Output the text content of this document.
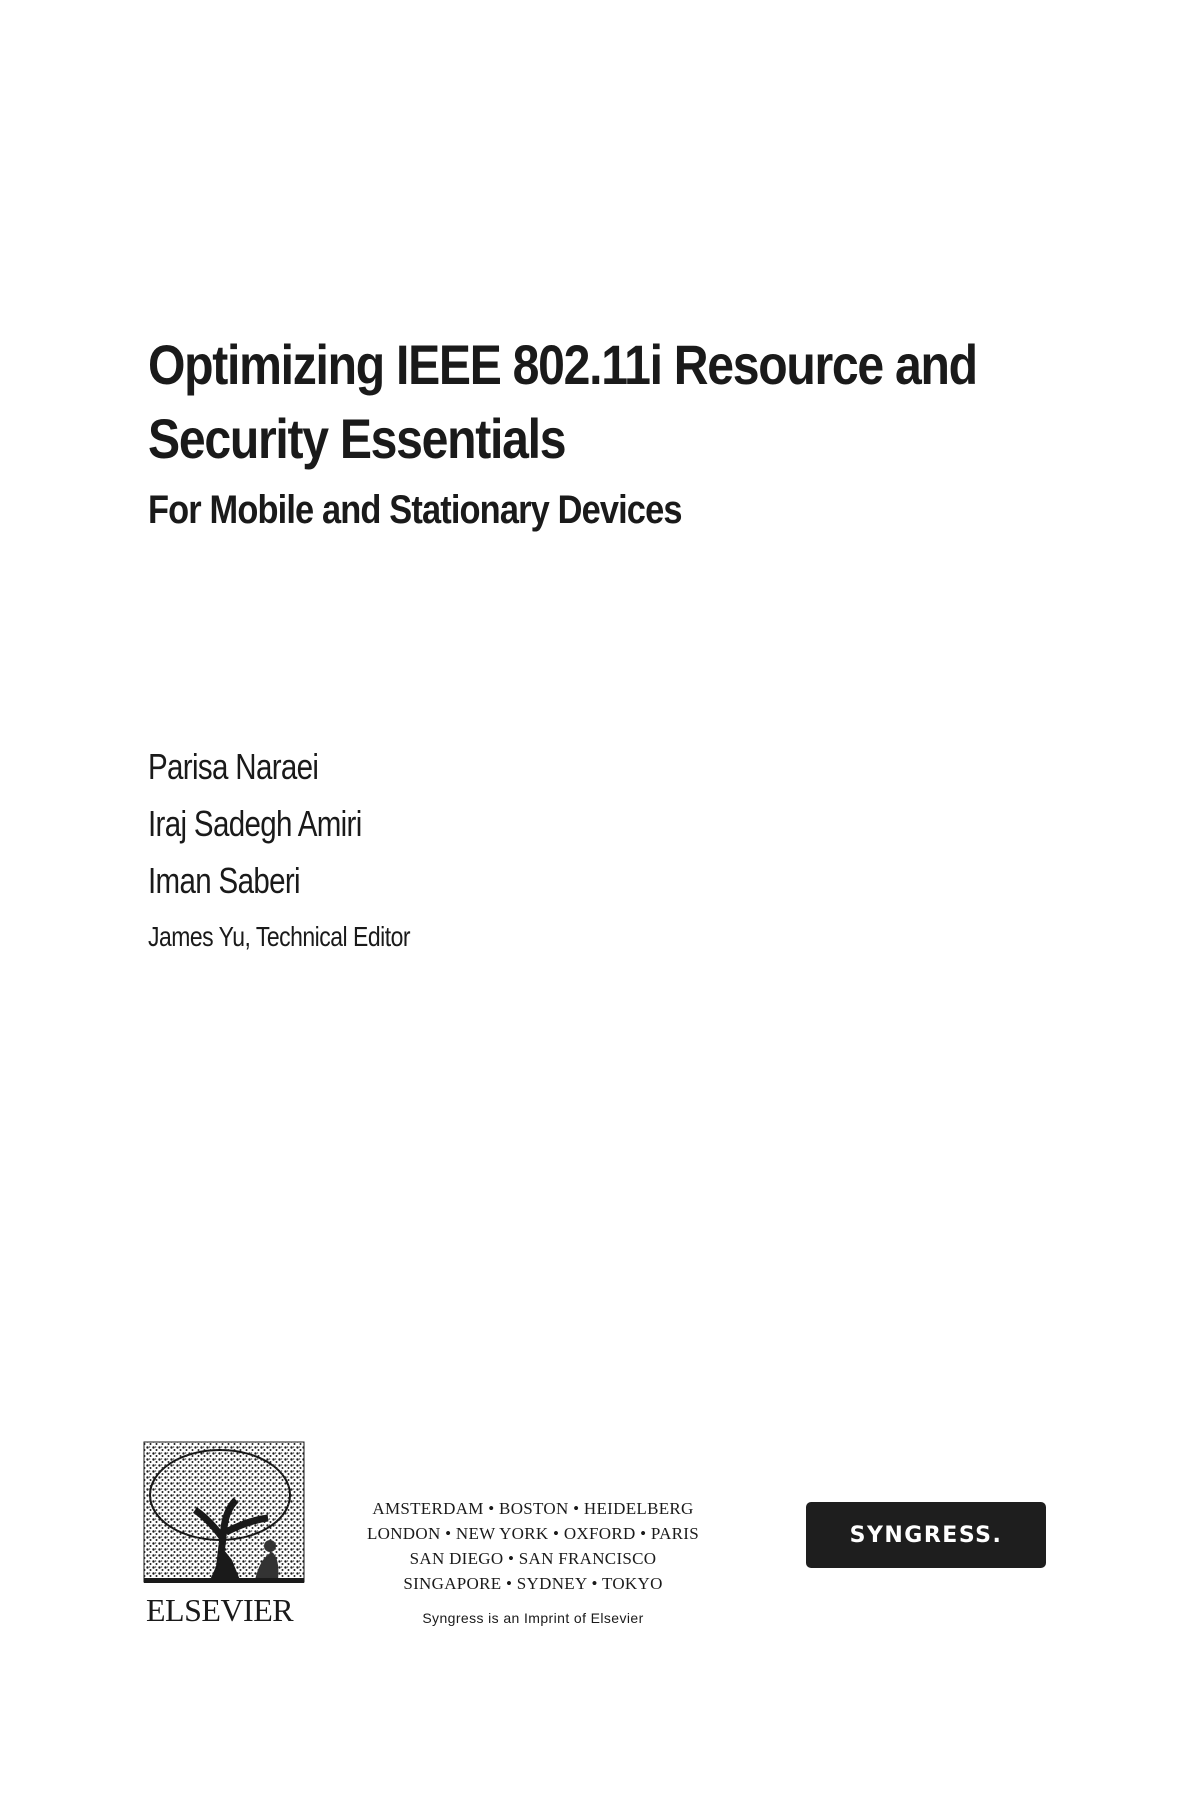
Optimizing IEEE 802.11i Resource and
Security Essentials
For Mobile and Stationary Devices
Parisa Naraei
Iraj Sadegh Amiri
Iman Saberi
James Yu, Technical Editor
ELSEVIER
AMSTERDAM • BOSTON • HEIDELBERG
LONDON • NEW YORK • OXFORD • PARIS
SAN DIEGO • SAN FRANCISCO
SINGAPORE • SYDNEY • TOKYO
Syngress is an Imprint of Elsevier
SYNGRESS.
